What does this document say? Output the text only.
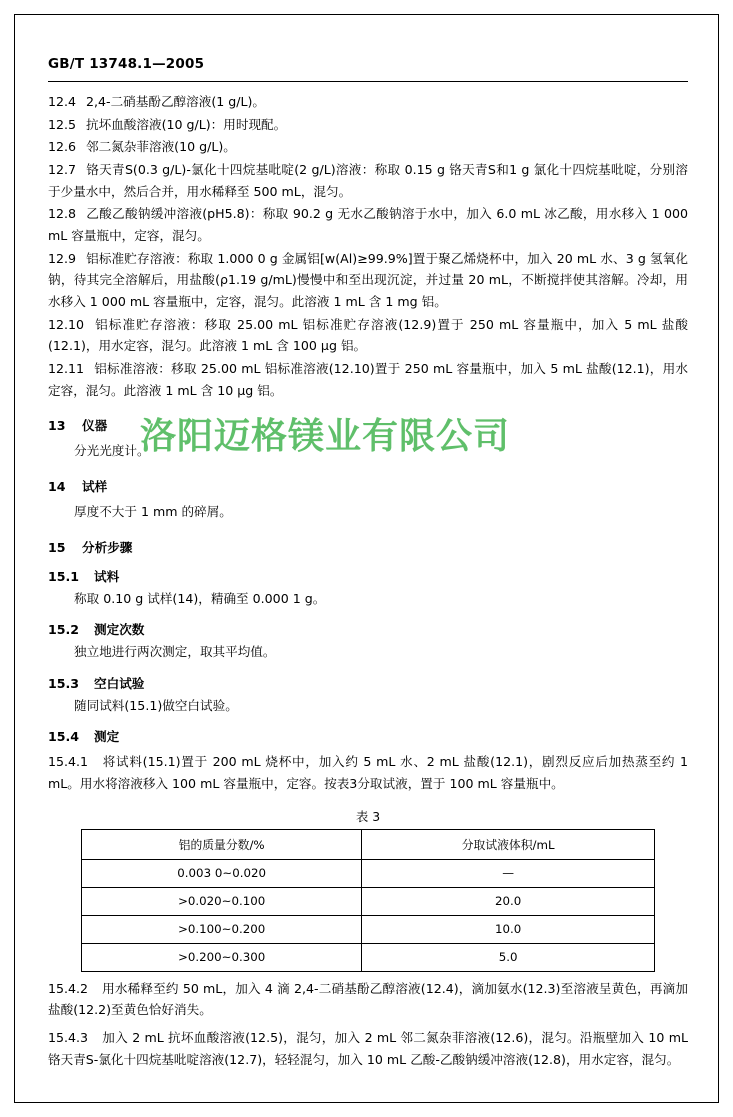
GB/T 13748.1—2005

12.4 2,4-二硝基酚乙醇溶液(1 g/L)。

12.5 抗坏血酸溶液(10 g/L)：用时现配。

12.6 邻二氮杂菲溶液(10 g/L)。

12.7 铬天青S(0.3 g/L)-氯化十四烷基吡啶(2 g/L)溶液：称取 0.15 g 铬天青S和1 g 氯化十四烷基吡啶，分别溶于少量水中，然后合并，用水稀释至 500 mL，混匀。

12.8 乙酸乙酸钠缓冲溶液(pH5.8)：称取 90.2 g 无水乙酸钠溶于水中，加入 6.0 mL 冰乙酸，用水移入 1 000 mL 容量瓶中，定容，混匀。

12.9 铝标准贮存溶液：称取 1.000 0 g 金属铝[w(Al)≥99.9%]置于聚乙烯烧杯中，加入 20 mL 水、3 g 氢氧化钠，待其完全溶解后，用盐酸(ρ1.19 g/mL)慢慢中和至出现沉淀，并过量 20 mL，不断搅拌使其溶解。冷却，用水移入 1 000 mL 容量瓶中，定容，混匀。此溶液 1 mL 含 1 mg 铝。

12.10 铝标准贮存溶液：移取 25.00 mL 铝标准贮存溶液(12.9)置于 250 mL 容量瓶中，加入 5 mL 盐酸(12.1)，用水定容，混匀。此溶液 1 mL 含 100 μg 铝。

12.11 铝标准溶液：移取 25.00 mL 铝标准溶液(12.10)置于 250 mL 容量瓶中，加入 5 mL 盐酸(12.1)，用水定容，混匀。此溶液 1 mL 含 10 μg 铝。

13 仪器

分光光度计。

14 试样

厚度不大于 1 mm 的碎屑。

15 分析步骤
15.1 试料

称取 0.10 g 试样(14)，精确至 0.000 1 g。

15.2 测定次数

独立地进行两次测定，取其平均值。

15.3 空白试验

随同试料(15.1)做空白试验。

15.4 测定

15.4.1 将试料(15.1)置于 200 mL 烧杯中，加入约 5 mL 水、2 mL 盐酸(12.1)，剧烈反应后加热蒸至约 1 mL。用水将溶液移入 100 mL 容量瓶中，定容。按表3分取试液，置于 100 mL 容量瓶中。

表 3
铝的质量分数/%	分取试液体积/mL
0.003 0~0.020	—
>0.020~0.100	20.0
>0.100~0.200	10.0
>0.200~0.300	5.0

15.4.2 用水稀释至约 50 mL，加入 4 滴 2,4-二硝基酚乙醇溶液(12.4)，滴加氨水(12.3)至溶液呈黄色，再滴加盐酸(12.2)至黄色恰好消失。

15.4.3 加入 2 mL 抗坏血酸溶液(12.5)，混匀，加入 2 mL 邻二氮杂菲溶液(12.6)，混匀。沿瓶壁加入 10 mL 铬天青S-氯化十四烷基吡啶溶液(12.7)，轻轻混匀，加入 10 mL 乙酸-乙酸钠缓冲溶液(12.8)，用水定容，混匀。

洛阳迈格镁业有限公司
